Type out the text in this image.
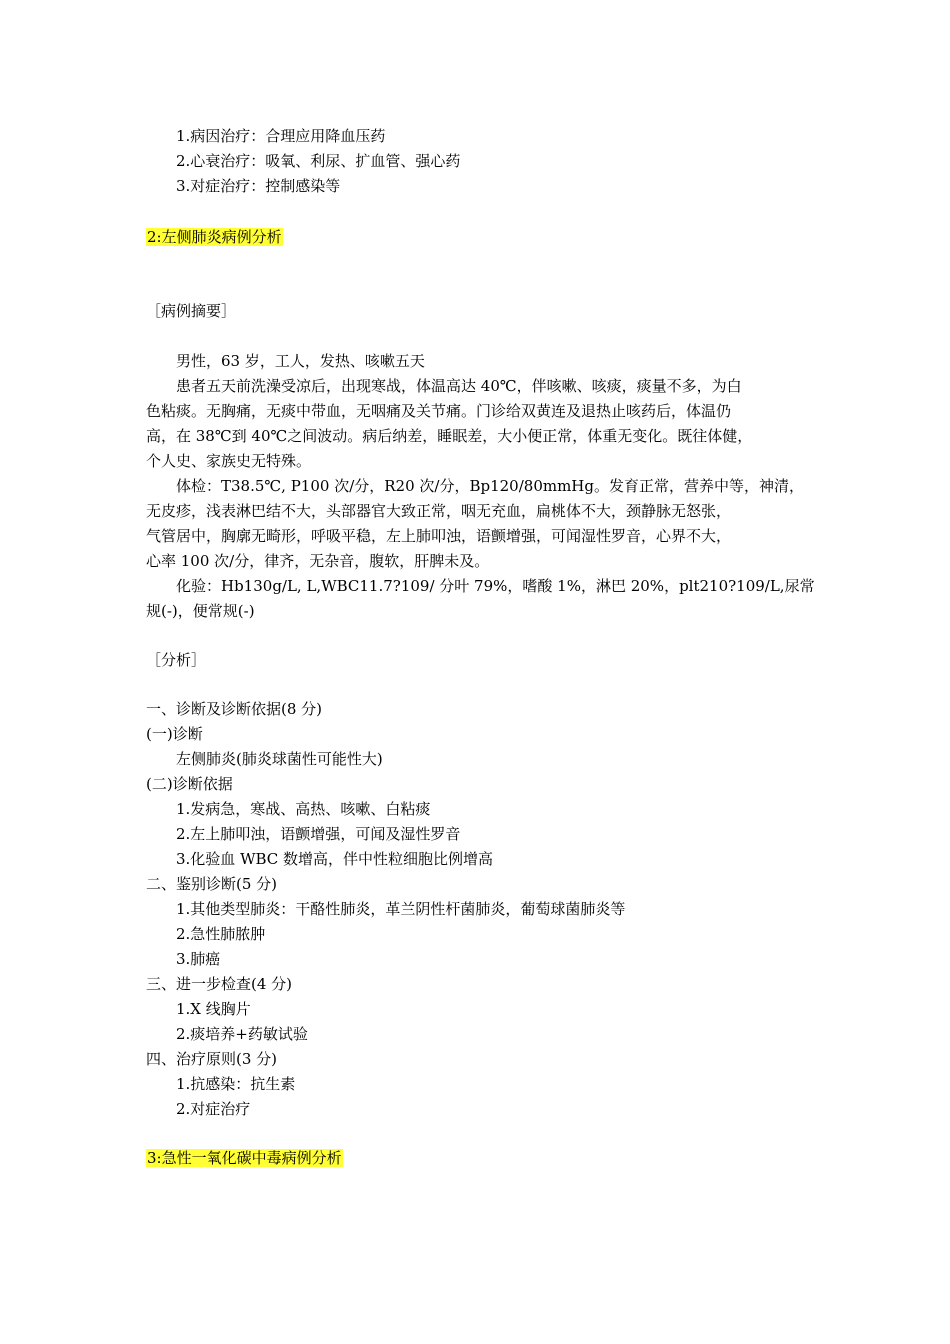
1.病因治疗：合理应用降血压药
2.心衰治疗：吸氧、利尿、扩血管、强心药
3.对症治疗：控制感染等
2:左侧肺炎病例分析
［病例摘要］
男性，63 岁，工人，发热、咳嗽五天
患者五天前洗澡受凉后，出现寒战，体温高达 40℃，伴咳嗽、咳痰，痰量不多，为白
色粘痰。无胸痛，无痰中带血，无咽痛及关节痛。门诊给双黄连及退热止咳药后，体温仍
高，在 38℃到 40℃之间波动。病后纳差，睡眠差，大小便正常，体重无变化。既往体健，
个人史、家族史无特殊。
体检：T38.5℃, P100 次/分，R20 次/分，Bp120/80mmHg。发育正常，营养中等，神清，
无皮疹，浅表淋巴结不大，头部器官大致正常，咽无充血，扁桃体不大，颈静脉无怒张，
气管居中，胸廓无畸形，呼吸平稳，左上肺叩浊，语颤增强，可闻湿性罗音，心界不大，
心率 100 次/分，律齐，无杂音，腹软，肝脾未及。
化验：Hb130g/L, L,WBC11.7?109/ 分叶 79%，嗜酸 1%，淋巴 20%，plt210?109/L,尿常
规(-)，便常规(-)
［分析］
一、诊断及诊断依据(8 分)
(一)诊断
左侧肺炎(肺炎球菌性可能性大)
(二)诊断依据
1.发病急，寒战、高热、咳嗽、白粘痰
2.左上肺叩浊，语颤增强，可闻及湿性罗音
3.化验血 WBC 数增高，伴中性粒细胞比例增高
二、鉴别诊断(5 分)
1.其他类型肺炎：干酪性肺炎，革兰阴性杆菌肺炎，葡萄球菌肺炎等
2.急性肺脓肿
3.肺癌
三、进一步检查(4 分)
1.X 线胸片
2.痰培养+药敏试验
四、治疗原则(3 分)
1.抗感染：抗生素
2.对症治疗
3:急性一氧化碳中毒病例分析
